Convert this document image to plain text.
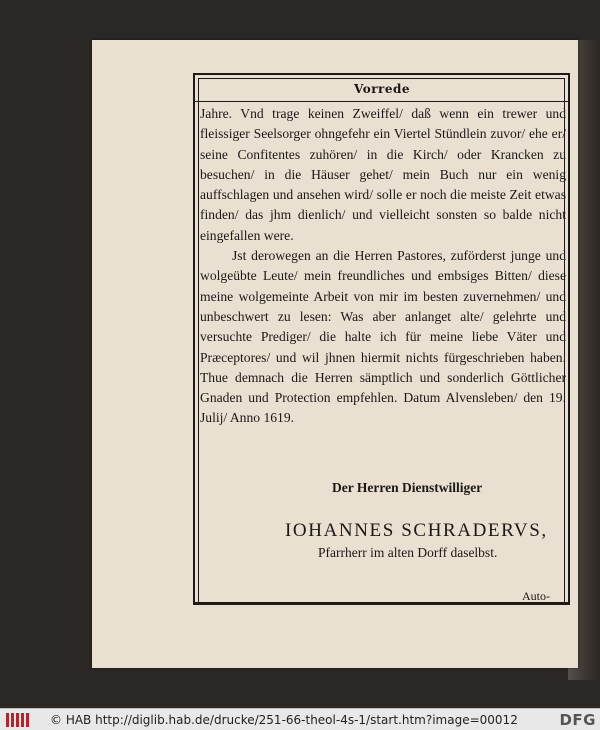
Vorrede

Jahre. Vnd trage keinen Zweiffel/ daß wenn ein trewer und fleissiger Seelsorger ohngefehr ein Viertel Stündlein zuvor/ ehe er/ seine Confitentes zuhören/ in die Kirch/ oder Krancken zu besuchen/ in die Häuser gehet/ mein Buch nur ein wenig auffschlagen und ansehen wird/ solle er noch die meiste Zeit etwas finden/ das jhm dienlich/ und vielleicht sonsten so balde nicht eingefallen were.

Jst derowegen an die Herren Pastores, zuförderst junge und wolgeübte Leute/ mein freundliches und embsiges Bitten/ diese meine wolgemeinte Arbeit von mir im besten zuvernehmen/ und unbeschwert zu lesen: Was aber anlanget alte/ gelehrte und versuchte Prediger/ die halte ich für meine liebe Väter und Præceptores/ und wil jhnen hiermit nichts fürgeschrieben haben. Thue demnach die Herren sämptlich und sonderlich Göttlicher Gnaden und Protection empfehlen. Datum Alvensleben/ den 19. Julij/ Anno 1619.

Der Herren Dienstwilliger
IOHANNES SCHRADERVS,
Pfarrherr im alten Dorff daselbst.
Auto-
© HAB http://diglib.hab.de/drucke/251-66-theol-4s-1/start.htm?image=00012	DFG
